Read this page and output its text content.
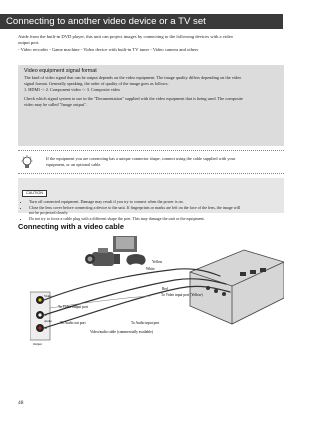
Connecting to another video device or a TV set

Aside from the built-in DVD player, this unit can project images by connecting to the following devices with a video

output port.

- Video recorder - Game machine - Video device with built-in TV tuner - Video camera and others

Video equipment signal format

The kind of video signal that can be output depends on the video equipment. The image quality differs depending on the video

signal format. Generally speaking, the order of quality of the image goes as follows.

1. HDMI -> 2. Component video -> 3. Composite video

Check which signal system to use in the "Documentation" supplied with the video equipment that is being used. The composite

video may be called "Image output".

If the equipment you are connecting has a unique connector shape, connect using the cable supplied with your
equipment, or an optional cable.
CAUTION
• Turn off connected equipment. Damage may result if you try to connect when the power is on.
• Close the lens cover before connecting a device to the unit. If fingerprints or marks are left on the face of the lens, the image will
not be projected clearly.
• Do not try to force a cable plug with a different shape the port. This may damage the unit or the equipment.
Connecting with a video cable
Video
L
Audio
R
Output
Yellow
White
Red
To Video output port
To Video input port (Yellow)
To Audio out port	To Audio input port
Video/audio cable (commercially available)
48
